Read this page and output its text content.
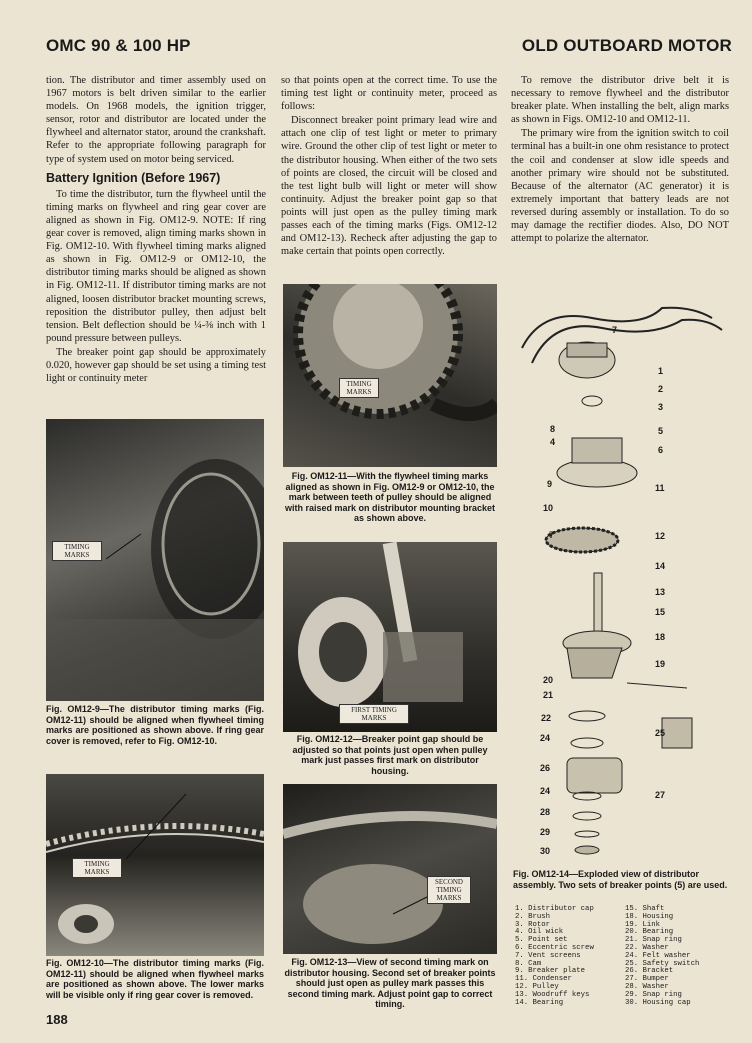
OMC 90 & 100 HP	OLD OUTBOARD MOTOR

tion. The distributor and timer assembly used on 1967 motors is belt driven similar to the earlier models. On 1968 models, the ignition trigger, sensor, rotor and distributor are located under the flywheel and alternator stator, around the crankshaft. Refer to the appropriate following paragraph for type of system used on motor being serviced.

Battery Ignition (Before 1967)

To time the distributor, turn the flywheel until the timing marks on flywheel and ring gear cover are aligned as shown in Fig. OM12-9. NOTE: If ring gear cover is removed, align timing marks shown in Fig. OM12-10. With flywheel timing marks aligned as shown in Fig. OM12-9 or OM12-10, the distributor timing marks should be aligned as shown in Fig. OM12-11. If distributor timing marks are not aligned, loosen distributor bracket mounting screws, reposition the distributor pulley, then adjust belt tension. Belt deflection should be ¼-⅜ inch with 1 pound pressure between pulleys.

The breaker point gap should be approximately 0.020, however gap should be set using a timing test light or continuity meter

so that points open at the correct time. To use the timing test light or continuity meter, proceed as follows:

Disconnect breaker point primary lead wire and attach one clip of test light or meter to primary wire. Ground the other clip of test light or meter to the distributor housing. When either of the two sets of points are closed, the circuit will be closed and the test light bulb will light or meter will show continuity. Adjust the breaker point gap so that points will just open as the pulley timing mark passes each of the timing marks (Figs. OM12-12 and OM12-13). Recheck after adjusting the gap to make certain that points open correctly.

To remove the distributor drive belt it is necessary to remove flywheel and the distributor breaker plate. When installing the belt, align marks as shown in Figs. OM12-10 and OM12-11.

The primary wire from the ignition switch to coil terminal has a built-in one ohm resistance to protect the coil and condenser at slow idle speeds and another primary wire should not be substituted. Because of the alternator (AC generator) it is extremely important that battery leads are not reversed during assembly or installation. To do so may damage the rectifier diodes. Also, DO NOT attempt to polarize the alternator.

TIMING MARKS
Fig. OM12-9—The distributor timing marks (Fig. OM12-11) should be aligned when flywheel timing marks are positioned as shown above. If ring gear cover is removed, refer to Fig. OM12-10.
TIMING MARKS
Fig. OM12-10—The distributor timing marks (Fig. OM12-11) should be aligned when flywheel marks are positioned as shown above. The lower marks will be visible only if ring gear cover is removed.
188
TIMING MARKS
Fig. OM12-11—With the flywheel timing marks aligned as shown in Fig. OM12-9 or OM12-10, the mark between teeth of pulley should be aligned with raised mark on distributor mounting bracket as shown above.
FIRST TIMING MARKS
Fig. OM12-12—Breaker point gap should be adjusted so that points just open when pulley mark just passes first mark on distributor housing.
SECOND TIMING MARKS
Fig. OM12-13—View of second timing mark on distributor housing. Second set of breaker points should just open as pulley mark passes this second timing mark. Adjust point gap to correct timing.
7
1
2
3
8
4
5
6
9	11
10
7	12
14
13
15
18
19
20
21
22
24	25
26
24	27
28
29
30
Fig. OM12-14—Exploded view of distributor assembly. Two sets of breaker points (5) are used.
1. Distributor cap
2. Brush
3. Rotor
4. Oil wick
5. Point set
6. Eccentric screw
7. Vent screens
8. Cam
9. Breaker plate
11. Condenser
12. Pulley
13. Woodruff keys
14. Bearing
15. Shaft
18. Housing
19. Link
20. Bearing
21. Snap ring
22. Washer
24. Felt washer
25. Safety switch
26. Bracket
27. Bumper
28. Washer
29. Snap ring
30. Housing cap
